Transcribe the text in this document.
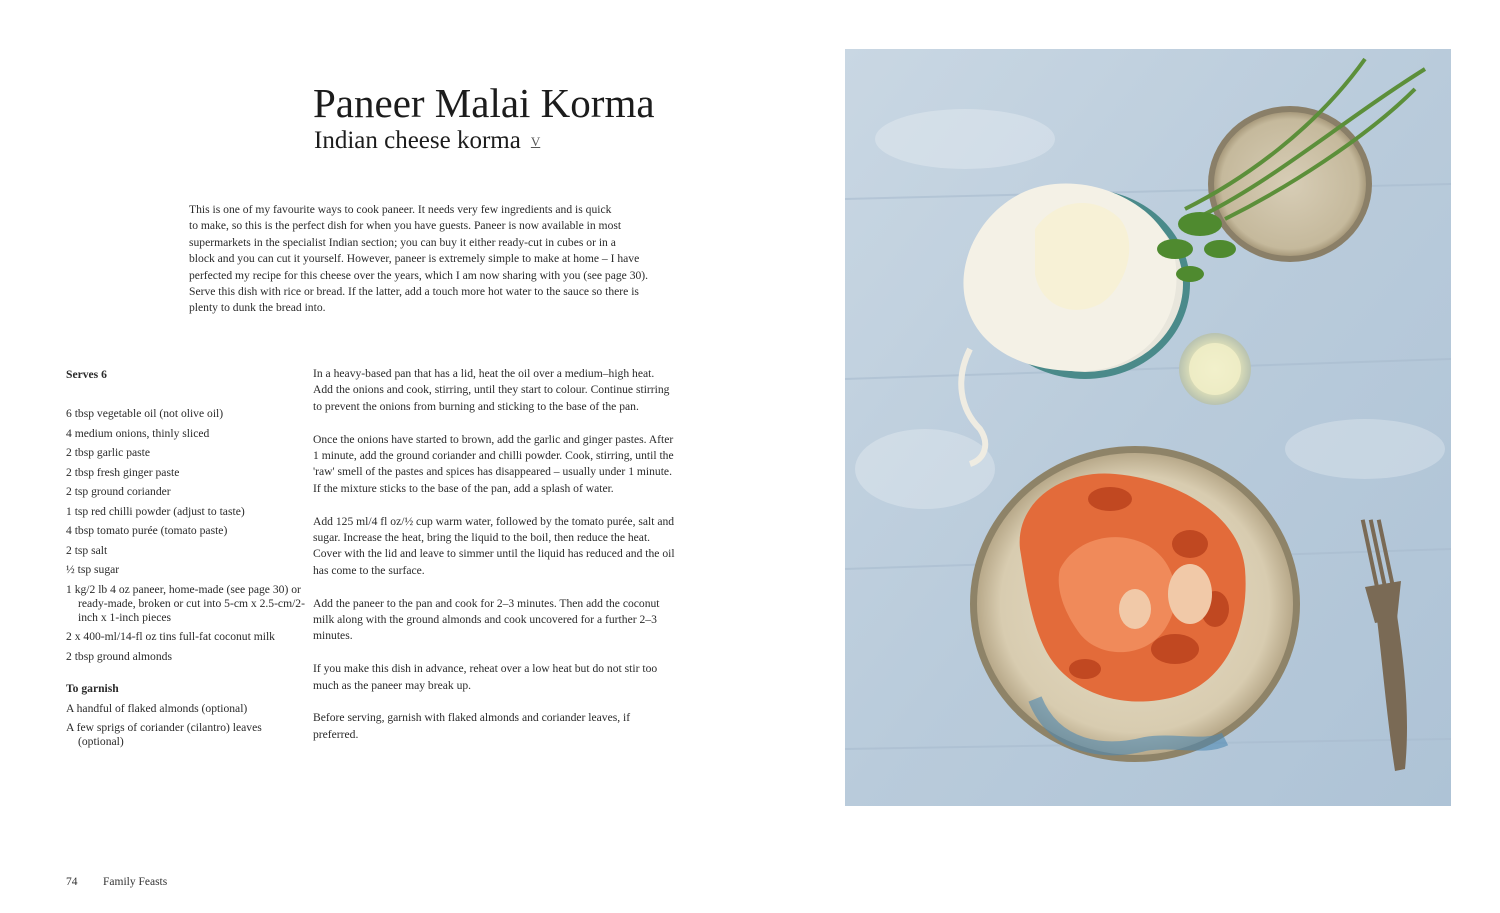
Paneer Malai Korma
Indian cheese korma V

This is one of my favourite ways to cook paneer. It needs very few ingredients and is quick

to make, so this is the perfect dish for when you have guests. Paneer is now available in most

supermarkets in the specialist Indian section; you can buy it either ready-cut in cubes or in a

block and you can cut it yourself. However, paneer is extremely simple to make at home – I have

perfected my recipe for this cheese over the years, which I am now sharing with you (see page 30).

Serve this dish with rice or bread. If the latter, add a touch more hot water to the sauce so there is

plenty to dunk the bread into.

Serves 6
6 tbsp vegetable oil (not olive oil)
4 medium onions, thinly sliced
2 tbsp garlic paste
2 tbsp fresh ginger paste
2 tsp ground coriander
1 tsp red chilli powder (adjust to taste)
4 tbsp tomato purée (tomato paste)
2 tsp salt
½ tsp sugar
1 kg/2 lb 4 oz paneer, home-made (see page 30) or ready-made, broken or cut into 5-cm x 2.5-cm/2-inch x 1-inch pieces
2 x 400-ml/14-fl oz tins full-fat coconut milk
2 tbsp ground almonds
To garnish
A handful of flaked almonds (optional)
A few sprigs of coriander (cilantro) leaves (optional)

In a heavy-based pan that has a lid, heat the oil over a medium–high heat. Add the onions and cook, stirring, until they start to colour. Continue stirring to prevent the onions from burning and sticking to the base of the pan.

Once the onions have started to brown, add the garlic and ginger pastes. After 1 minute, add the ground coriander and chilli powder. Cook, stirring, until the 'raw' smell of the pastes and spices has disappeared – usually under 1 minute. If the mixture sticks to the base of the pan, add a splash of water.

Add 125 ml/4 fl oz/½ cup warm water, followed by the tomato purée, salt and sugar. Increase the heat, bring the liquid to the boil, then reduce the heat. Cover with the lid and leave to simmer until the liquid has reduced and the oil has come to the surface.

Add the paneer to the pan and cook for 2–3 minutes. Then add the coconut milk along with the ground almonds and cook uncovered for a further 2–3 minutes.

If you make this dish in advance, reheat over a low heat but do not stir too much as the paneer may break up.

Before serving, garnish with flaked almonds and coriander leaves, if preferred.

74 Family Feasts
